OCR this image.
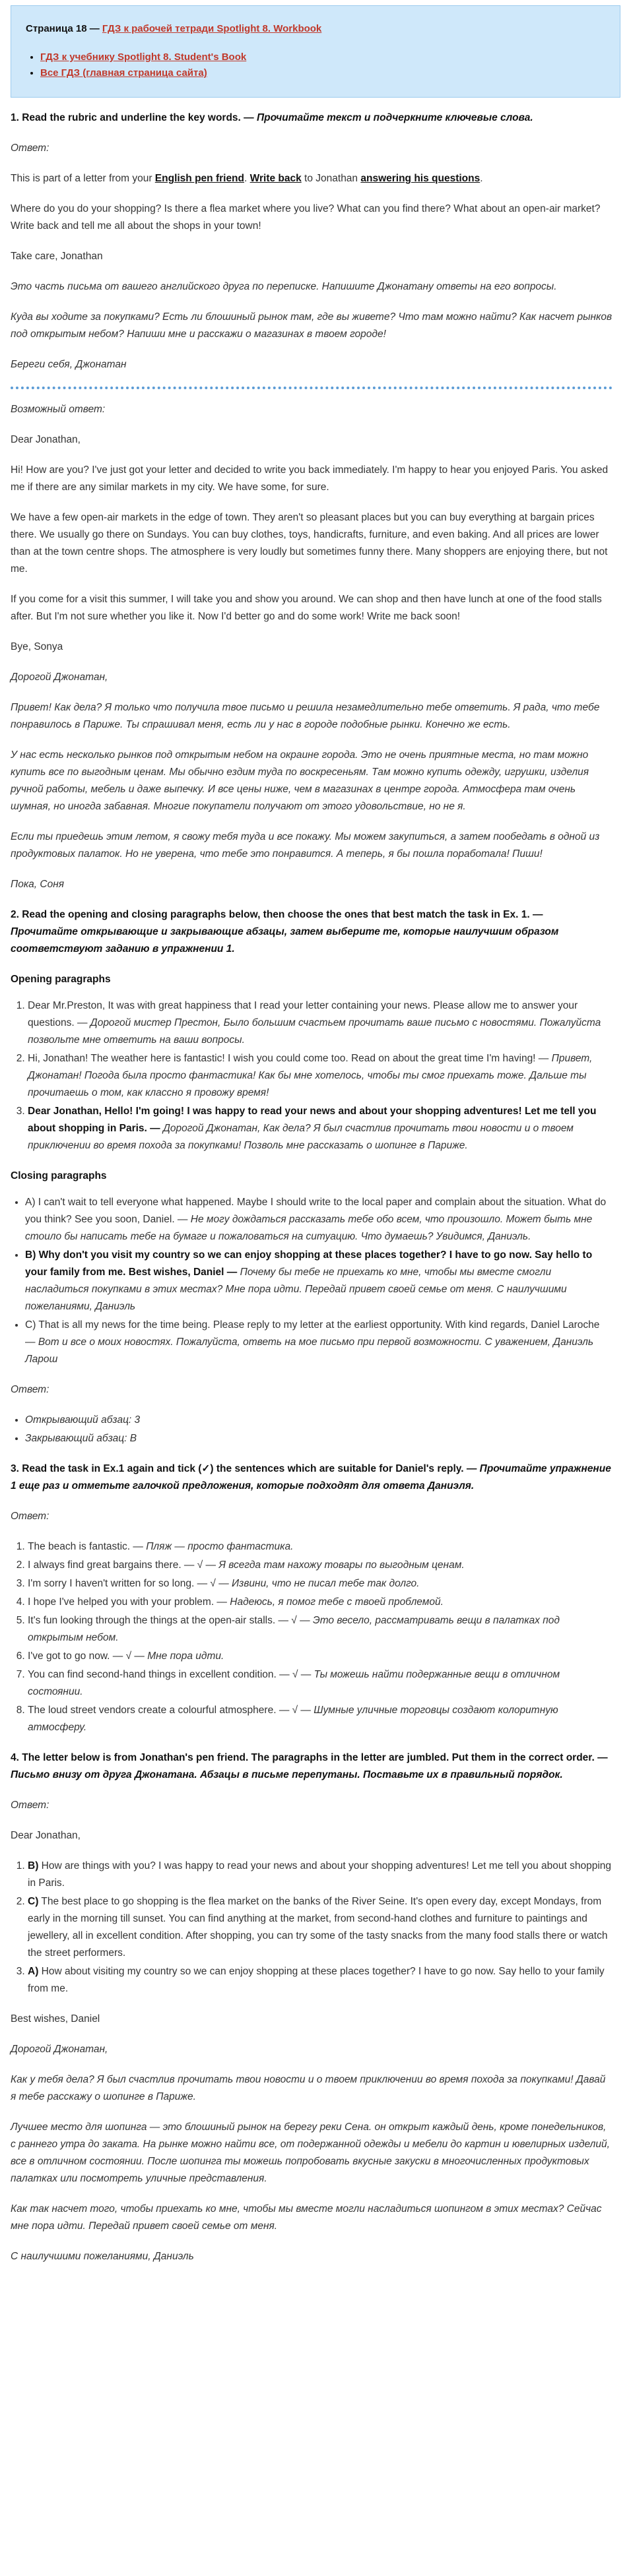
Страница 18 — ГДЗ к рабочей тетради Spotlight 8. Workbook
• ГДЗ к учебнику Spotlight 8. Student's Book
• Все ГДЗ (главная страница сайта)

1. Read the rubric and underline the key words. — Прочитайте текст и подчеркните ключевые слова.

Ответ:

This is part of a letter from your English pen friend. Write back to Jonathan answering his questions.

Where do you do your shopping? Is there a flea market where you live? What can you find there? What about an open-air market? Write back and tell me all about the shops in your town!

Take care, Jonathan

Это часть письма от вашего английского друга по переписке. Напишите Джонатану ответы на его вопросы.

Куда вы ходите за покупками? Есть ли блошиный рынок там, где вы живете? Что там можно найти? Как насчет рынков под открытым небом? Напиши мне и расскажи о магазинах в твоем городе!

Береги себя, Джонатан

Возможный ответ:

Dear Jonathan,

Hi! How are you? I've just got your letter and decided to write you back immediately. I'm happy to hear you enjoyed Paris. You asked me if there are any similar markets in my city. We have some, for sure.

We have a few open-air markets in the edge of town. They aren't so pleasant places but you can buy everything at bargain prices there. We usually go there on Sundays. You can buy clothes, toys, handicrafts, furniture, and even baking. And all prices are lower than at the town centre shops. The atmosphere is very loudly but sometimes funny there. Many shoppers are enjoying there, but not me.

If you come for a visit this summer, I will take you and show you around. We can shop and then have lunch at one of the food stalls after. But I'm not sure whether you like it. Now I'd better go and do some work! Write me back soon!

Bye, Sonya

Дорогой Джонатан,

Привет! Как дела? Я только что получила твое письмо и решила незамедлительно тебе ответить. Я рада, что тебе понравилось в Париже. Ты спрашивал меня, есть ли у нас в городе подобные рынки. Конечно же есть.

У нас есть несколько рынков под открытым небом на окраине города. Это не очень приятные места, но там можно купить все по выгодным ценам. Мы обычно ездим туда по воскресеньям. Там можно купить одежду, игрушки, изделия ручной работы, мебель и даже выпечку. И все цены ниже, чем в магазинах в центре города. Атмосфера там очень шумная, но иногда забавная. Многие покупатели получают от этого удовольствие, но не я.

Если ты приедешь этим летом, я свожу тебя туда и все покажу. Мы можем закупиться, а затем пообедать в одной из продуктовых палаток. Но не уверена, что тебе это понравится. А теперь, я бы пошла поработала! Пиши!

Пока, Соня

2. Read the opening and closing paragraphs below, then choose the ones that best match the task in Ex. 1. — Прочитайте открывающие и закрывающие абзацы, затем выберите те, которые наилучшим образом соответствуют заданию в упражнении 1.

Opening paragraphs
1. Dear Mr.Preston, It was with great happiness that I read your letter containing your news. Please allow me to answer your questions. — Дорогой мистер Престон, Было большим счастьем прочитать ваше письмо с новостями. Пожалуйста позвольте мне ответить на ваши вопросы.
2. Hi, Jonathan! The weather here is fantastic! I wish you could come too. Read on about the great time I'm having! — Привет, Джонатан! Погода была просто фантастика! Как бы мне хотелось, чтобы ты смог приехать тоже. Дальше ты прочитаешь о том, как классно я провожу время!
3. Dear Jonathan, Hello! I'm going! I was happy to read your news and about your shopping adventures! Let me tell you about shopping in Paris. — Дорогой Джонатан, Как дела? Я был счастлив прочитать твои новости и о твоем приключении во время похода за покупками! Позволь мне рассказать о шопинге в Париже.
Closing paragraphs
• A) I can't wait to tell everyone what happened. Maybe I should write to the local paper and complain about the situation. What do you think? See you soon, Daniel. — Не могу дождаться рассказать тебе обо всем, что произошло. Может быть мне стоило бы написать тебе на бумаге и пожаловаться на ситуацию. Что думаешь? Увидимся, Даниэль.
• B) Why don't you visit my country so we can enjoy shopping at these places together? I have to go now. Say hello to your family from me. Best wishes, Daniel — Почему бы тебе не приехать ко мне, чтобы мы вместе смогли насладиться покупками в этих местах? Мне пора идти. Передай привет своей семье от меня. С наилучшими пожеланиями, Даниэль
• C) That is all my news for the time being. Please reply to my letter at the earliest opportunity. With kind regards, Daniel Laroche — Вот и все о моих новостях. Пожалуйста, ответь на мое письмо при первой возможности. С уважением, Даниэль Ларош

Ответ:

• Открывающий абзац: 3
• Закрывающий абзац: B

3. Read the task in Ex.1 again and tick (✓) the sentences which are suitable for Daniel's reply. — Прочитайте упражнение 1 еще раз и отметьте галочкой предложения, которые подходят для ответа Даниэля.

Ответ:

1. The beach is fantastic. — Пляж — просто фантастика.
2. I always find great bargains there. — √ — Я всегда там нахожу товары по выгодным ценам.
3. I'm sorry I haven't written for so long. — √ — Извини, что не писал тебе так долго.
4. I hope I've helped you with your problem. — Надеюсь, я помог тебе с твоей проблемой.
5. It's fun looking through the things at the open-air stalls. — √ — Это весело, рассматривать вещи в палатках под открытым небом.
6. I've got to go now. — √ — Мне пора идти.
7. You can find second-hand things in excellent condition. — √ — Ты можешь найти подержанные вещи в отличном состоянии.
8. The loud street vendors create a colourful atmosphere. — √ — Шумные уличные торговцы создают колоритную атмосферу.

4. The letter below is from Jonathan's pen friend. The paragraphs in the letter are jumbled. Put them in the correct order. — Письмо внизу от друга Джонатана. Абзацы в письме перепутаны. Поставьте их в правильный порядок.

Ответ:

Dear Jonathan,

1. B) How are things with you? I was happy to read your news and about your shopping adventures! Let me tell you about shopping in Paris.
2. C) The best place to go shopping is the flea market on the banks of the River Seine. It's open every day, except Mondays, from early in the morning till sunset. You can find anything at the market, from second-hand clothes and furniture to paintings and jewellery, all in excellent condition. After shopping, you can try some of the tasty snacks from the many food stalls there or watch the street performers.
3. A) How about visiting my country so we can enjoy shopping at these places together? I have to go now. Say hello to your family from me.

Best wishes, Daniel

Дорогой Джонатан,

Как у тебя дела? Я был счастлив прочитать твои новости и о твоем приключении во время похода за покупками! Давай я тебе расскажу о шопинге в Париже.

Лучшее место для шопинга — это блошиный рынок на берегу реки Сена. он открыт каждый день, кроме понедельников, с раннего утра до заката. На рынке можно найти все, от подержанной одежды и мебели до картин и ювелирных изделий, все в отличном состоянии. После шопинга ты можешь попробовать вкусные закуски в многочисленных продуктовых палатках или посмотреть уличные представления.

Как так насчет того, чтобы приехать ко мне, чтобы мы вместе могли насладиться шопингом в этих местах? Сейчас мне пора идти. Передай привет своей семье от меня.

С наилучшими пожеланиями, Даниэль
